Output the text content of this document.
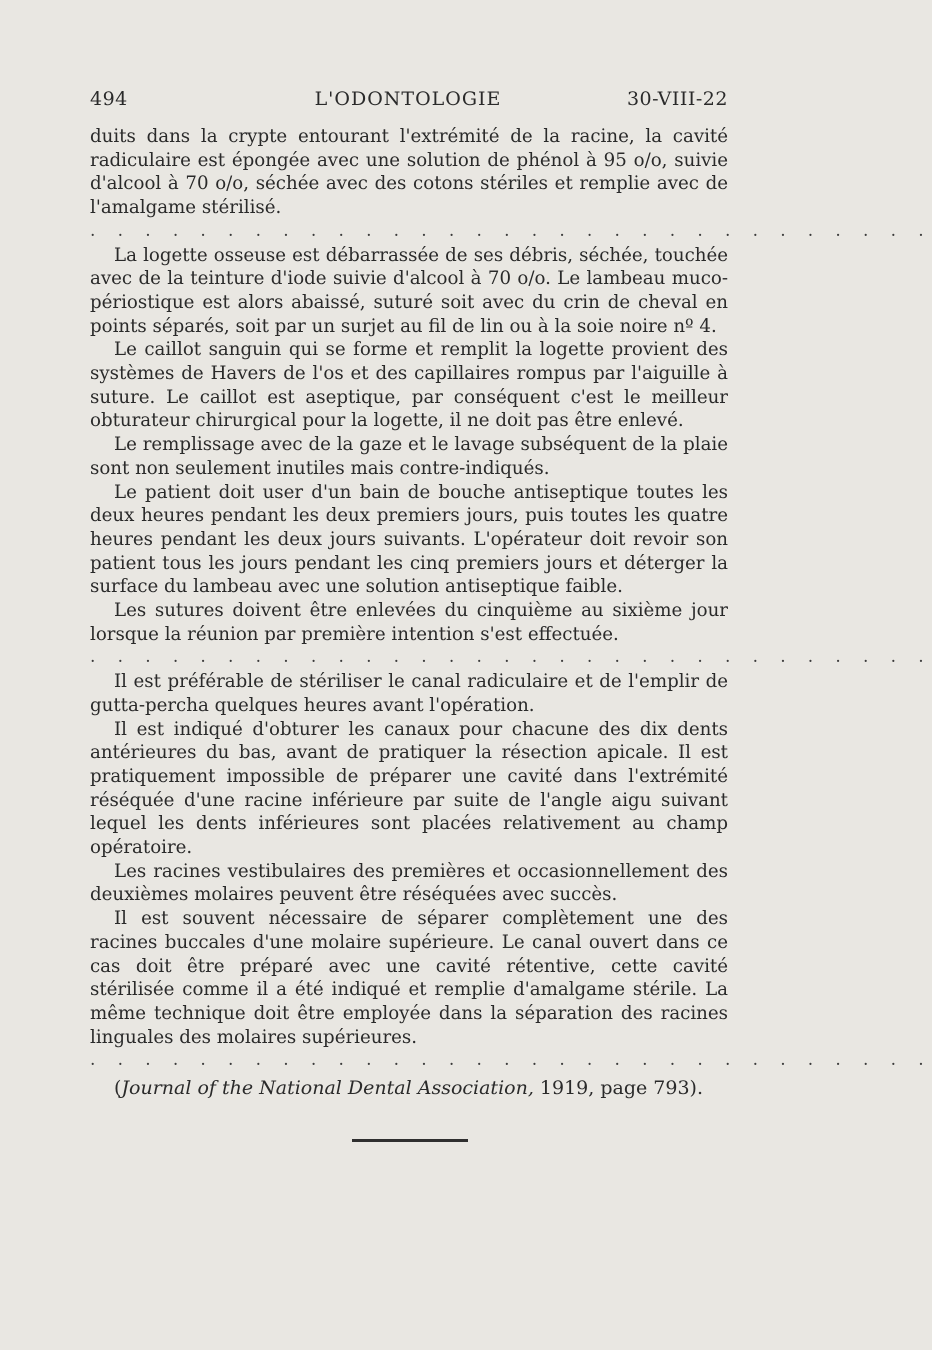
494	L'ODONTOLOGIE	30-VIII-22

duits dans la crypte entourant l'extrémité de la racine, la cavité radiculaire est épongée avec une solution de phénol à 95 o/o, suivie d'alcool à 70 o/o, séchée avec des cotons stériles et remplie avec de l'amalgame stérilisé.

. . . . . . . . . . . . . . . . . . . . . . . . . . . . . . .

La logette osseuse est débarrassée de ses débris, séchée, touchée avec de la teinture d'iode suivie d'alcool à 70 o/o. Le lambeau muco-périostique est alors abaissé, suturé soit avec du crin de cheval en points séparés, soit par un surjet au fil de lin ou à la soie noire nº 4.

Le caillot sanguin qui se forme et remplit la logette provient des systèmes de Havers de l'os et des capillaires rompus par l'aiguille à suture. Le caillot est aseptique, par conséquent c'est le meilleur obturateur chirurgical pour la logette, il ne doit pas être enlevé.

Le remplissage avec de la gaze et le lavage subséquent de la plaie sont non seulement inutiles mais contre-indiqués.

Le patient doit user d'un bain de bouche antiseptique toutes les deux heures pendant les deux premiers jours, puis toutes les quatre heures pendant les deux jours suivants. L'opérateur doit revoir son patient tous les jours pendant les cinq premiers jours et déterger la surface du lambeau avec une solution antiseptique faible.

Les sutures doivent être enlevées du cinquième au sixième jour lorsque la réunion par première intention s'est effectuée.

. . . . . . . . . . . . . . . . . . . . . . . . . . . . . . .

Il est préférable de stériliser le canal radiculaire et de l'emplir de gutta-percha quelques heures avant l'opération.

Il est indiqué d'obturer les canaux pour chacune des dix dents antérieures du bas, avant de pratiquer la résection apicale. Il est pratiquement impossible de préparer une cavité dans l'extrémité réséquée d'une racine inférieure par suite de l'angle aigu suivant lequel les dents inférieures sont placées relativement au champ opératoire.

Les racines vestibulaires des premières et occasionnellement des deuxièmes molaires peuvent être réséquées avec succès.

Il est souvent nécessaire de séparer complètement une des racines buccales d'une molaire supérieure. Le canal ouvert dans ce cas doit être préparé avec une cavité rétentive, cette cavité stérilisée comme il a été indiqué et remplie d'amalgame stérile. La même technique doit être employée dans la séparation des racines linguales des molaires supérieures.

. . . . . . . . . . . . . . . . . . . . . . . . . . . . . . .
(Journal of the National Dental Association, 1919, page 793).
